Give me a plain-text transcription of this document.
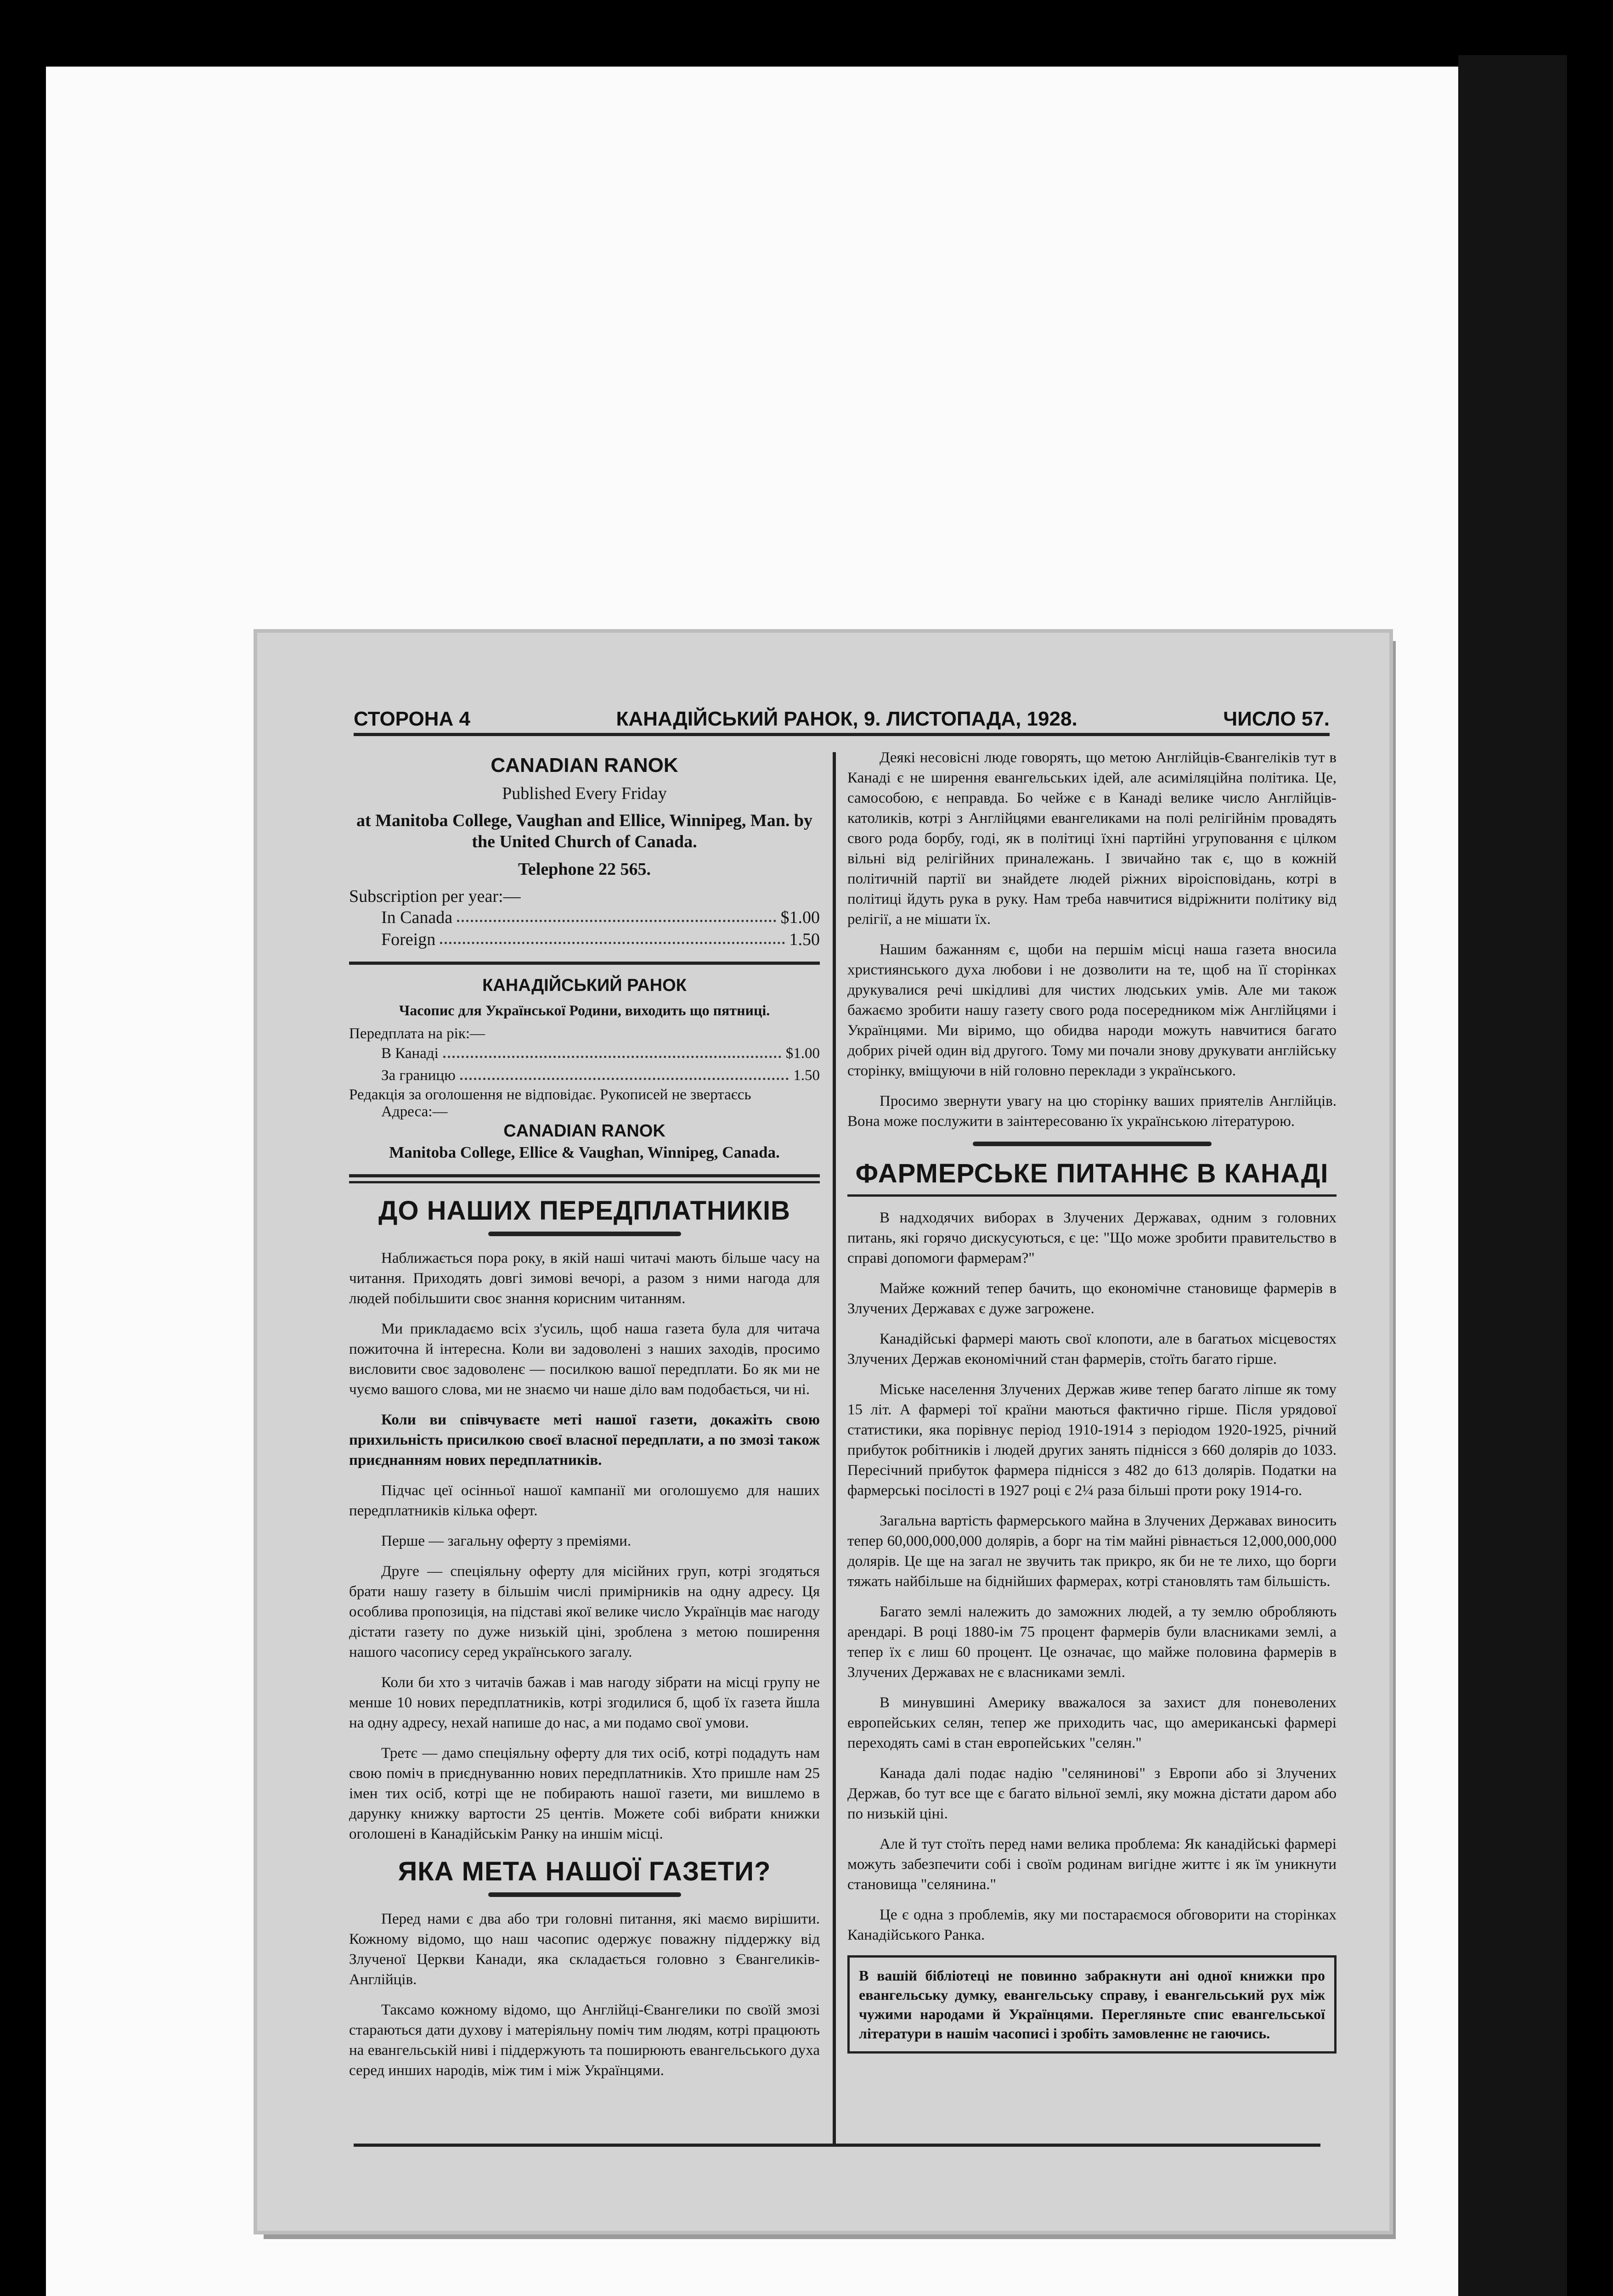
СТОРОНА 4	КАНАДІЙСЬКИЙ РАНОК, 9. ЛИСТОПАДА, 1928.	ЧИСЛО 57.
CANADIAN RANOK
Published Every Friday
at Manitoba College, Vaughan and Ellice, Winnipeg, Man. by the United Church of Canada.
Telephone 22 565.
Subscription per year:—
In Canada	$1.00
Foreign	1.50
КАНАДІЙСЬКИЙ РАНОК
Часопис для Української Родини, виходить що пятниці.
Передплата на рік:—
В Канаді	$1.00
За границю	1.50
Редакція за оголошення не відповідає. Рукописей не звертаєсь
Адреса:—
CANADIAN RANOK
Manitoba College, Ellice & Vaughan, Winnipeg, Canada.
ДО НАШИХ ПЕРЕДПЛАТНИКІВ

Наближається пора року, в якій наші читачі мають більше часу на читання. Приходять довгі зимові вечорі, а разом з ними нагода для людей побільшити своє знання корисним читанням.

Ми прикладаємо всіх з'усиль, щоб наша газета була для читача пожиточна й інтересна. Коли ви задоволені з наших заходів, просимо висловити своє задоволенє — посилкою вашої передплати. Бо як ми не чуємо вашого слова, ми не знаємо чи наше діло вам подобається, чи ні.

Коли ви співчуваєте меті нашої газети, докажіть свою прихильність присилкою своєї власної передплати, а по змозі також приєднанням нових передплатників.

Підчас цеї осінньої нашої кампанії ми оголошуємо для наших передплатників кілька оферт.

Перше — загальну оферту з преміями.

Друге — спеціяльну оферту для місійних груп, котрі згодяться брати нашу газету в більшім числі примірників на одну адресу. Ця особлива пропозиція, на підставі якої велике число Українців має нагоду дістати газету по дуже низькій ціні, зроблена з метою поширення нашого часопису серед українського загалу.

Коли би хто з читачів бажав і мав нагоду зібрати на місці групу не менше 10 нових передплатників, котрі згодилися б, щоб їх газета йшла на одну адресу, нехай напише до нас, а ми подамо свої умови.

Третє — дамо спеціяльну оферту для тих осіб, котрі подадуть нам свою поміч в приєднуванню нових передплатників. Хто пришле нам 25 імен тих осіб, котрі ще не побирають нашої газети, ми вишлемо в дарунку книжку вартости 25 центів. Можете собі вибрати книжки оголошені в Канадійськім Ранку на иншім місці.

ЯКА МЕТА НАШОЇ ГАЗЕТИ?

Перед нами є два або три головні питання, які маємо вирішити. Кожному відомо, що наш часопис одержує поважну піддержку від Злученої Церкви Канади, яка складається головно з Євангеликів-Англійців.

Таксамо кожному відомо, що Англійці-Євангелики по своїй змозі стараються дати духову і матеріяльну поміч тим людям, котрі працюють на евангельській ниві і піддержують та поширюють евангельського духа серед инших народів, між тим і між Українцями.

Деякі несовісні люде говорять, що метою Англійців-Євангеліків тут в Канаді є не ширення евангельських ідей, але асиміляційна політика. Це, самособою, є неправда. Бо чейже є в Канаді велике число Англійців-католиків, котрі з Англійцями евангеликами на полі релігійнім провадять свого рода борбу, годі, як в політиці їхні партійні угруповання є цілком вільні від релігійних приналежань. І звичайно так є, що в кожній політичній партії ви знайдете людей ріжних віроісповідань, котрі в політиці йдуть рука в руку. Нам треба навчитися відріжнити політику від релігії, а не мішати їх.

Нашим бажанням є, щоби на першім місці наша газета вносила християнського духа любови і не дозволити на те, щоб на її сторінках друкувалися речі шкідливі для чистих людських умів. Але ми також бажаємо зробити нашу газету свого рода посередником між Англійцями і Українцями. Ми віримо, що обидва народи можуть навчитися багато добрих річей один від другого. Тому ми почали знову друкувати англійську сторінку, вміщуючи в ній головно переклади з українського.

Просимо звернути увагу на цю сторінку ваших приятелів Англійців. Вона може послужити в заінтересованю їх українською літературою.

ФАРМЕРСЬКЕ ПИТАННЄ В КАНАДІ

В надходячих виборах в Злучених Державах, одним з головних питань, які горячо дискусуються, є це: "Що може зробити правительство в справі допомоги фармерам?"

Майже кожний тепер бачить, що економічне становище фармерів в Злучених Державах є дуже загрожене.

Канадійські фармері мають свої клопоти, але в багатьох місцевостях Злучених Держав економічний стан фармерів, стоїть багато гірше.

Міське населення Злучених Держав живе тепер багато ліпше як тому 15 літ. А фармері тої країни маються фактично гірше. Після урядової статистики, яка порівнує період 1910-1914 з періодом 1920-1925, річний прибуток робітників і людей других занять піднісся з 660 долярів до 1033. Пересічний прибуток фармера піднісся з 482 до 613 долярів. Податки на фармерські посілості в 1927 році є 2¼ раза більші проти року 1914-го.

Загальна вартість фармерського майна в Злучених Державах виносить тепер 60,000,000,000 долярів, а борг на тім майні рівнається 12,000,000,000 долярів. Це ще на загал не звучить так прикро, як би не те лихо, що борги тяжать найбільше на біднійших фармерах, котрі становлять там більшість.

Багато землі належить до заможних людей, а ту землю обробляють арендарі. В році 1880-ім 75 процент фармерів були власниками землі, а тепер їх є лиш 60 процент. Це означає, що майже половина фармерів в Злучених Державах не є власниками землі.

В минувшині Америку вважалося за захист для поневолених европейських селян, тепер же приходить час, що американські фармері переходять самі в стан европейських "селян."

Канада далі подає надію "селянинові" з Европи або зі Злучених Держав, бо тут все ще є багато вільної землі, яку можна дістати даром або по низькій ціні.

Але й тут стоїть перед нами велика проблема: Як канадійські фармері можуть забезпечити собі і своїм родинам вигідне життє і як їм уникнути становища "селянина."

Це є одна з проблемів, яку ми постараємося обговорити на сторінках Канадійського Ранка.

В вашій бібліотеці не повинно забракнути ані одної книжки про евангельську думку, евангельську справу, і евангельський рух між чужими народами й Українцями. Перегляньте спис евангельської літератури в нашім часописі і зробіть замовленнє не гаючись.
